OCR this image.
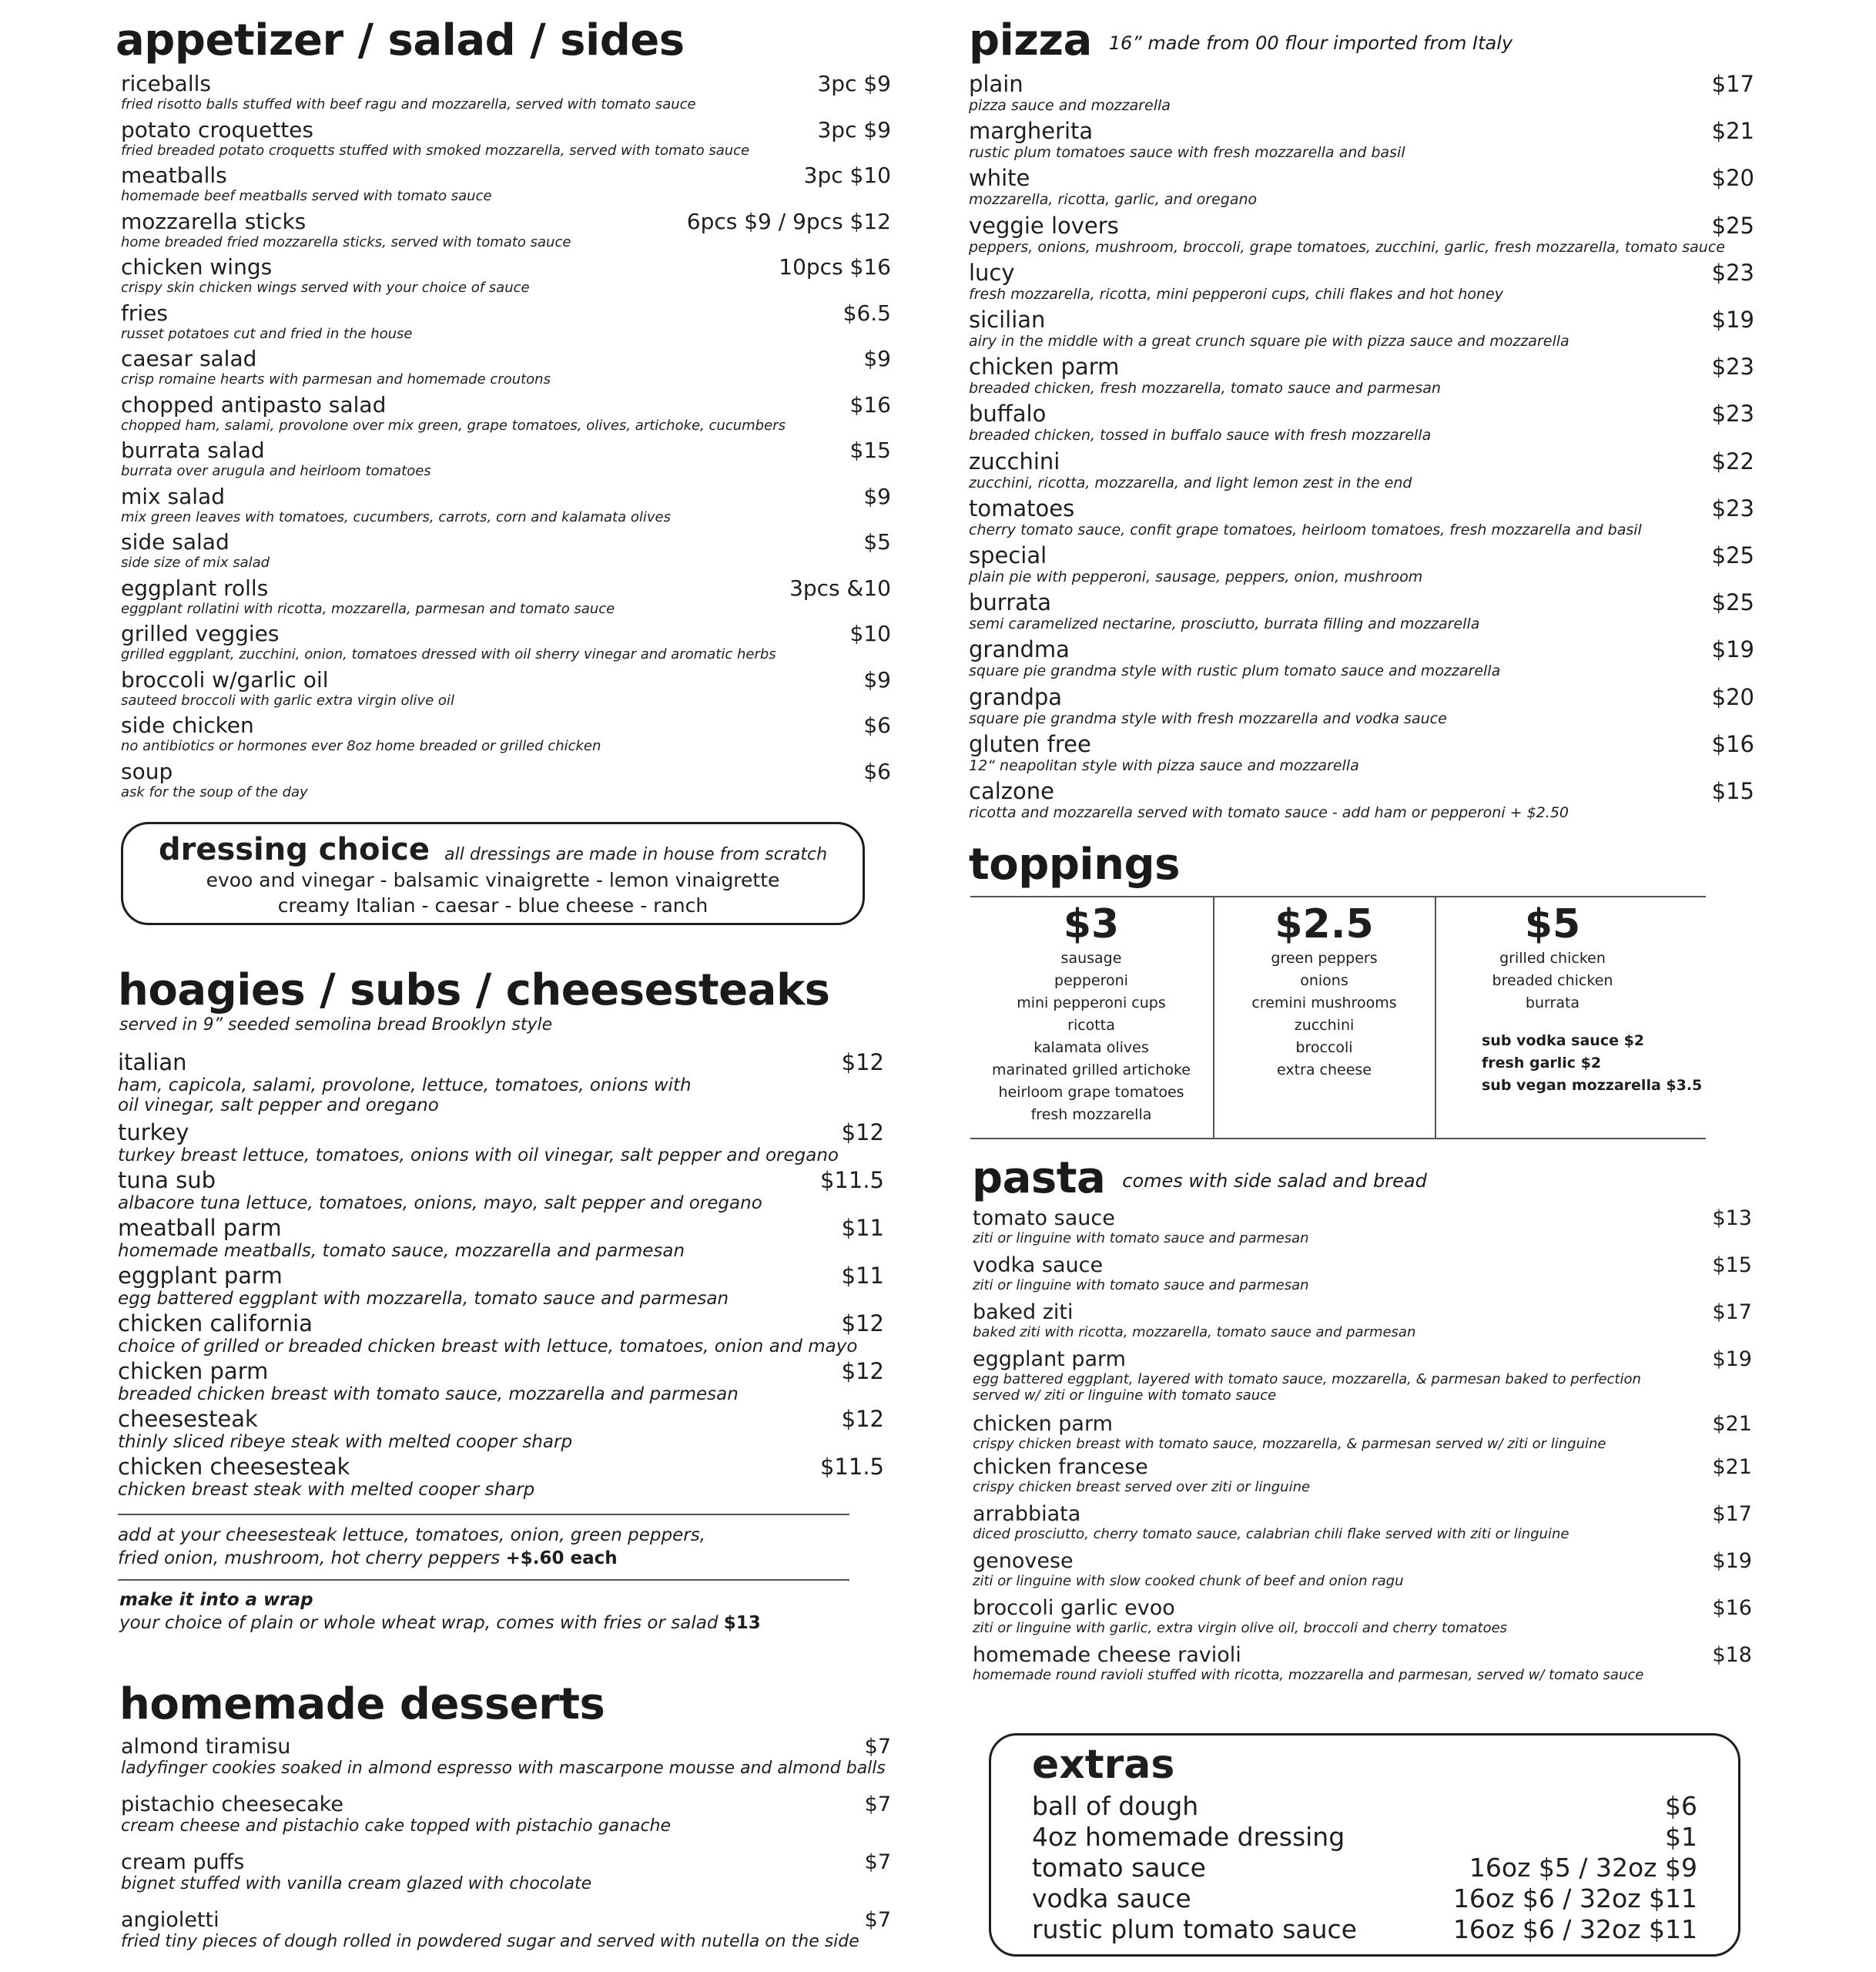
appetizer / salad / sides
riceballs	3pc $9
fried risotto balls stuffed with beef ragu and mozzarella, served with tomato sauce
potato croquettes	3pc $9
fried breaded potato croquetts stuffed with smoked mozzarella, served with tomato sauce
meatballs	3pc $10
homemade beef meatballs served with tomato sauce
mozzarella sticks	6pcs $9 / 9pcs $12
home breaded fried mozzarella sticks, served with tomato sauce
chicken wings	10pcs $16
crispy skin chicken wings served with your choice of sauce
fries	$6.5
russet potatoes cut and fried in the house
caesar salad	$9
crisp romaine hearts with parmesan and homemade croutons
chopped antipasto salad	$16
chopped ham, salami, provolone over mix green, grape tomatoes, olives, artichoke, cucumbers
burrata salad	$15
burrata over arugula and heirloom tomatoes
mix salad	$9
mix green leaves with tomatoes, cucumbers, carrots, corn and kalamata olives
side salad	$5
side size of mix salad
eggplant rolls	3pcs &10
eggplant rollatini with ricotta, mozzarella, parmesan and tomato sauce
grilled veggies	$10
grilled eggplant, zucchini, onion, tomatoes dressed with oil sherry vinegar and aromatic herbs
broccoli w/garlic oil	$9
sauteed broccoli with garlic extra virgin olive oil
side chicken	$6
no antibiotics or hormones ever 8oz home breaded or grilled chicken
soup	$6
ask for the soup of the day
dressing choice all dressings are made in house from scratch
evoo and vinegar - balsamic vinaigrette - lemon vinaigrette
creamy Italian - caesar - blue cheese - ranch
hoagies / subs / cheesesteaks
served in 9” seeded semolina bread Brooklyn style
italian	$12
ham, capicola, salami, provolone, lettuce, tomatoes, onions with
oil vinegar, salt pepper and oregano
turkey	$12
turkey breast lettuce, tomatoes, onions with oil vinegar, salt pepper and oregano
tuna sub	$11.5
albacore tuna lettuce, tomatoes, onions, mayo, salt pepper and oregano
meatball parm	$11
homemade meatballs, tomato sauce, mozzarella and parmesan
eggplant parm	$11
egg battered eggplant with mozzarella, tomato sauce and parmesan
chicken california	$12
choice of grilled or breaded chicken breast with lettuce, tomatoes, onion and mayo
chicken parm	$12
breaded chicken breast with tomato sauce, mozzarella and parmesan
cheesesteak	$12
thinly sliced ribeye steak with melted cooper sharp
chicken cheesesteak	$11.5
chicken breast steak with melted cooper sharp
add at your cheesesteak lettuce, tomatoes, onion, green peppers,
fried onion, mushroom, hot cherry peppers +$.60 each
make it into a wrap
your choice of plain or whole wheat wrap, comes with fries or salad $13
homemade desserts
almond tiramisu	$7
ladyfinger cookies soaked in almond espresso with mascarpone mousse and almond balls
pistachio cheesecake	$7
cream cheese and pistachio cake topped with pistachio ganache
cream puffs	$7
bignet stuffed with vanilla cream glazed with chocolate
angioletti	$7
fried tiny pieces of dough rolled in powdered sugar and served with nutella on the side
pizza 16” made from 00 flour imported from Italy
plain	$17
pizza sauce and mozzarella
margherita	$21
rustic plum tomatoes sauce with fresh mozzarella and basil
white	$20
mozzarella, ricotta, garlic, and oregano
veggie lovers	$25
peppers, onions, mushroom, broccoli, grape tomatoes, zucchini, garlic, fresh mozzarella, tomato sauce
lucy	$23
fresh mozzarella, ricotta, mini pepperoni cups, chili flakes and hot honey
sicilian	$19
airy in the middle with a great crunch square pie with pizza sauce and mozzarella
chicken parm	$23
breaded chicken, fresh mozzarella, tomato sauce and parmesan
buffalo	$23
breaded chicken, tossed in buffalo sauce with fresh mozzarella
zucchini	$22
zucchini, ricotta, mozzarella, and light lemon zest in the end
tomatoes	$23
cherry tomato sauce, confit grape tomatoes, heirloom tomatoes, fresh mozzarella and basil
special	$25
plain pie with pepperoni, sausage, peppers, onion, mushroom
burrata	$25
semi caramelized nectarine, prosciutto, burrata filling and mozzarella
grandma	$19
square pie grandma style with rustic plum tomato sauce and mozzarella
grandpa	$20
square pie grandma style with fresh mozzarella and vodka sauce
gluten free	$16
12“ neapolitan style with pizza sauce and mozzarella
calzone	$15
ricotta and mozzarella served with tomato sauce - add ham or pepperoni + $2.50
toppings
$3
sausage
pepperoni
mini pepperoni cups
ricotta
kalamata olives
marinated grilled artichoke
heirloom grape tomatoes
fresh mozzarella
$2.5
green peppers
onions
cremini mushrooms
zucchini
broccoli
extra cheese
$5
grilled chicken
breaded chicken
burrata
sub vodka sauce $2
fresh garlic $2
sub vegan mozzarella $3.5
pasta comes with side salad and bread
tomato sauce	$13
ziti or linguine with tomato sauce and parmesan
vodka sauce	$15
ziti or linguine with tomato sauce and parmesan
baked ziti	$17
baked ziti with ricotta, mozzarella, tomato sauce and parmesan
eggplant parm	$19
egg battered eggplant, layered with tomato sauce, mozzarella, & parmesan baked to perfection
served w/ ziti or linguine with tomato sauce
chicken parm	$21
crispy chicken breast with tomato sauce, mozzarella, & parmesan served w/ ziti or linguine
chicken francese	$21
crispy chicken breast served over ziti or linguine
arrabbiata	$17
diced prosciutto, cherry tomato sauce, calabrian chili flake served with ziti or linguine
genovese	$19
ziti or linguine with slow cooked chunk of beef and onion ragu
broccoli garlic evoo	$16
ziti or linguine with garlic, extra virgin olive oil, broccoli and cherry tomatoes
homemade cheese ravioli	$18
homemade round ravioli stuffed with ricotta, mozzarella and parmesan, served w/ tomato sauce
extras
ball of dough	$6
4oz homemade dressing	$1
tomato sauce	16oz $5 / 32oz $9
vodka sauce	16oz $6 / 32oz $11
rustic plum tomato sauce	16oz $6 / 32oz $11
